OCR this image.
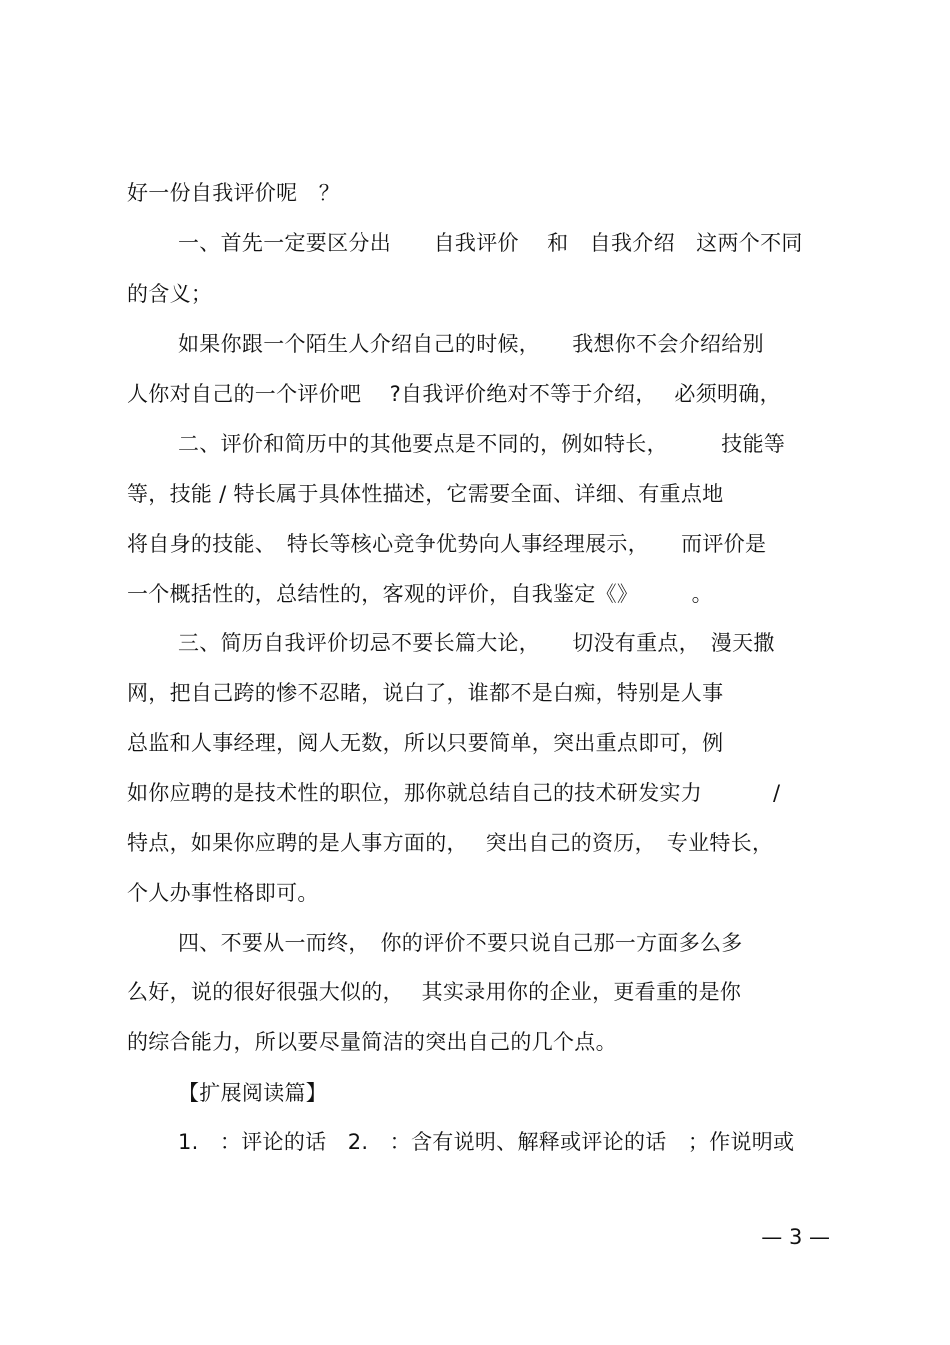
好一份自我评价呢　？
一、首先一定要区分出　　自我评价　 和　自我介绍　这两个不同
的含义；
如果你跟一个陌生人介绍自己的时候，　　我想你不会介绍给别
人你对自己的一个评价吧　 ?自我评价绝对不等于介绍，　 必须明确，
二、评价和简历中的其他要点是不同的，例如特长，　　　技能等
等，技能 / 特长属于具体性描述，它需要全面、详细、有重点地
将自身的技能、　特长等核心竞争优势向人事经理展示，　　而评价是
一个概括性的，总结性的，客观的评价，自我鉴定《》　　　。
三、简历自我评价切忌不要长篇大论，　　切没有重点，　漫天撒
网，把自己跨的惨不忍睹，说白了，谁都不是白痴，特别是人事
总监和人事经理，阅人无数，所以只要简单，突出重点即可，例
如你应聘的是技术性的职位，那你就总结自己的技术研发实力　　　 /
特点，如果你应聘的是人事方面的，　 突出自己的资历，　专业特长，
个人办事性格即可。
四、不要从一而终，　你的评价不要只说自己那一方面多么多
么好，说的很好很强大似的，　 其实录用你的企业，更看重的是你
的综合能力，所以要尽量简洁的突出自己的几个点。
【扩展阅读篇】
1.　：评论的话　2.　：含有说明、解释或评论的话　；作说明或
— 3 —
